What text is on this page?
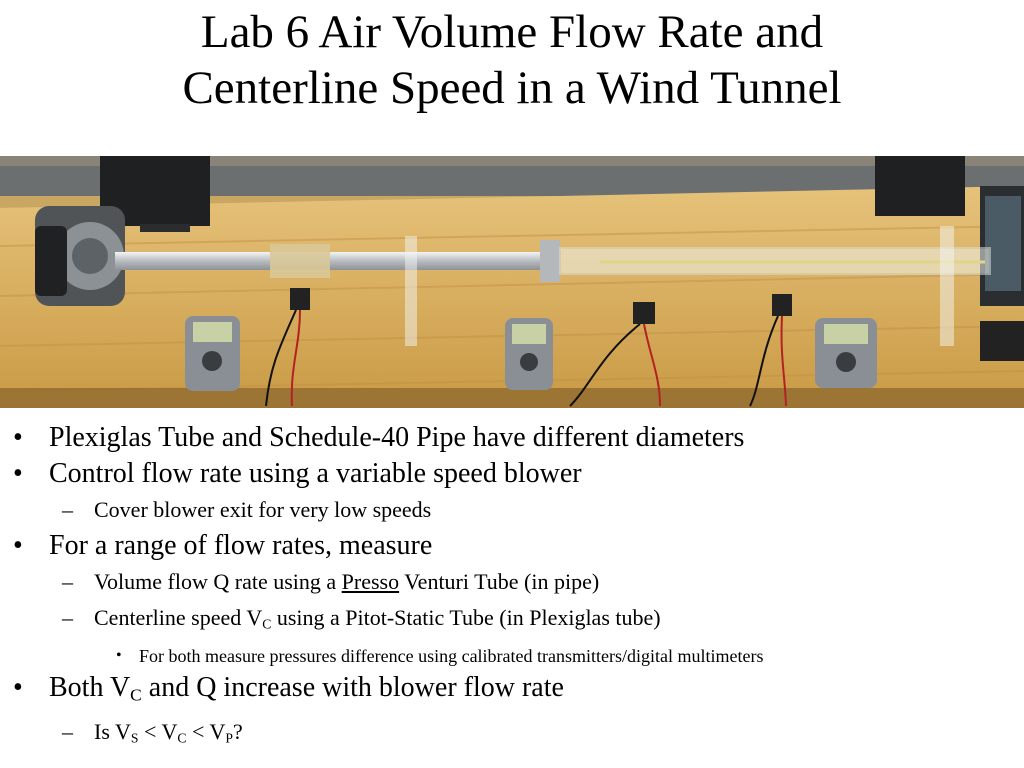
Lab 6 Air Volume Flow Rate and
Centerline Speed in a Wind Tunnel
• Plexiglas Tube and Schedule-40 Pipe have different diameters
• Control flow rate using a variable speed blower
– Cover blower exit for very low speeds
• For a range of flow rates, measure
– Volume flow Q rate using a Presso Venturi Tube (in pipe)
– Centerline speed $V_C$ using a Pitot-Static Tube (in Plexiglas tube)
• For both measure pressures difference using calibrated transmitters/digital multimeters
• Both $V_C$ and Q increase with blower flow rate
– Is $V_S < V_C < V_P$?
